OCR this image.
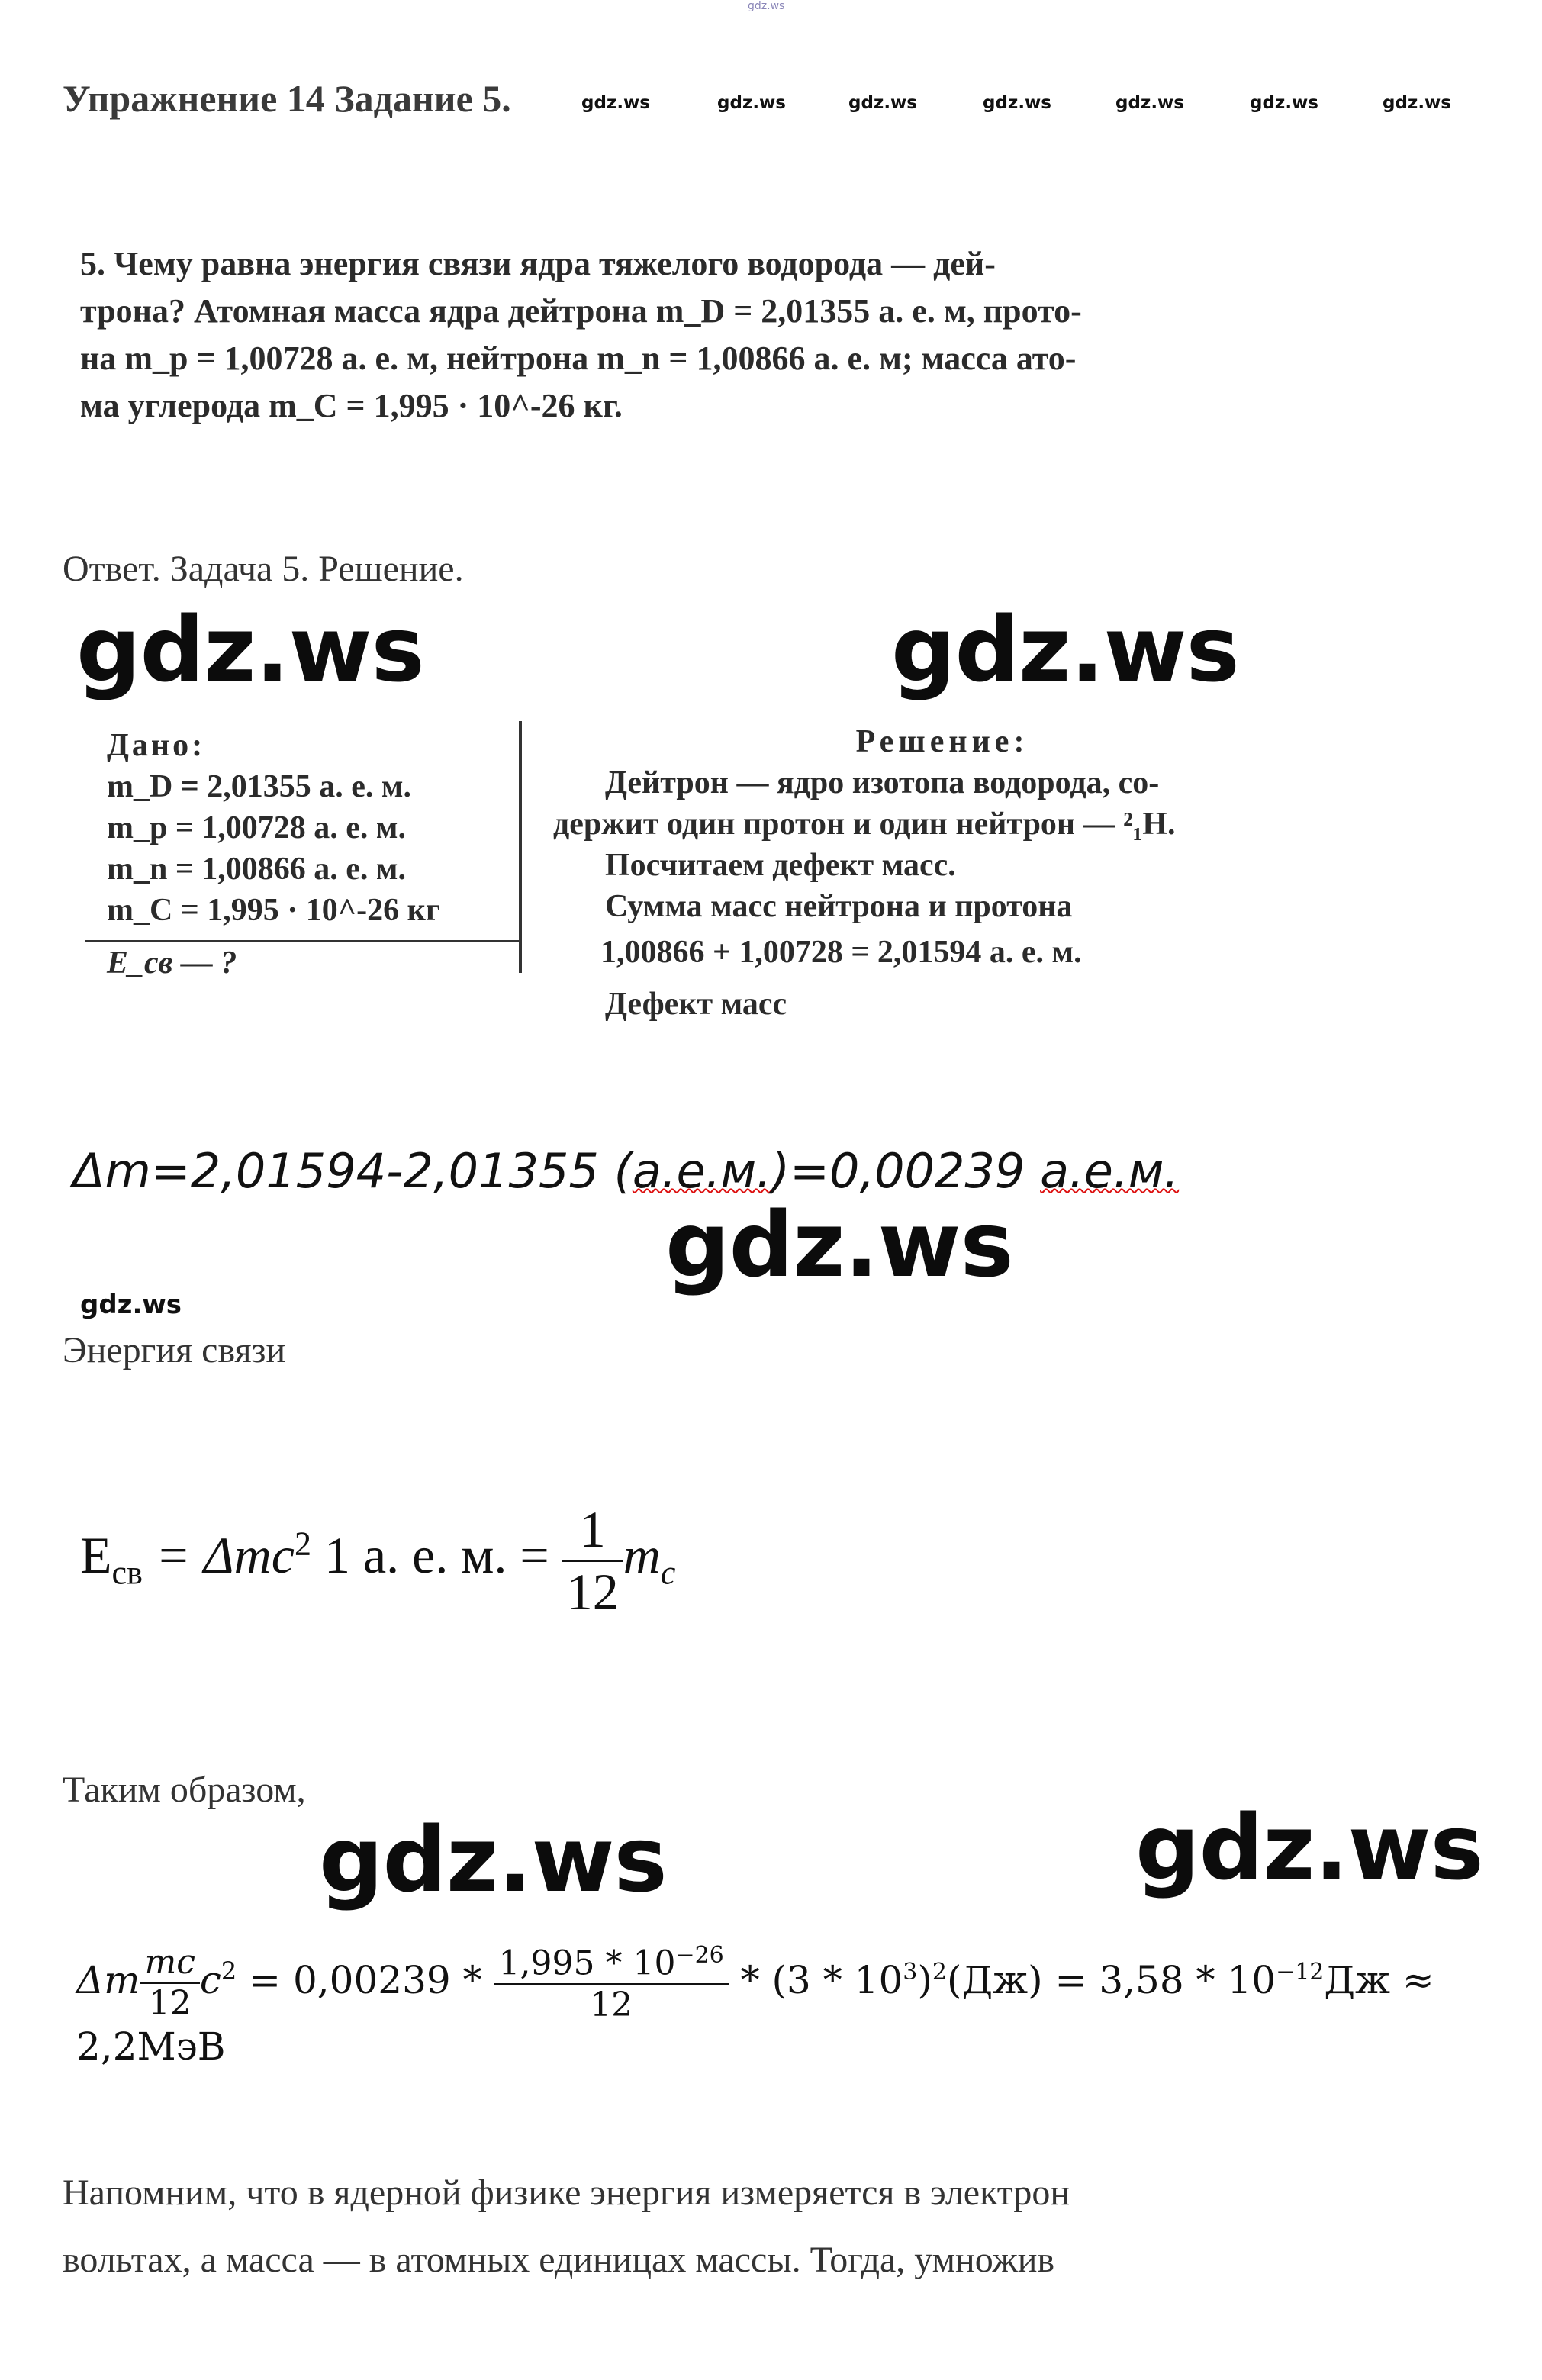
gdz.ws
Упражнение 14 Задание 5.	gdz.ws	gdz.ws	gdz.ws	gdz.ws	gdz.ws	gdz.ws	gdz.ws

5. Чему равна энергия связи ядра тяжелого водорода — дей-

трона? Атомная масса ядра дейтрона m_D = 2,01355 а. е. м, прото-

на m_p = 1,00728 а. е. м, нейтрона m_n = 1,00866 а. е. м; масса ато-

ма углерода m_C = 1,995 · 10^-26 кг.

Ответ. Задача 5. Решение.
gdz.ws	gdz.ws
Дано:
m_D = 2,01355 а. е. м.
m_p = 1,00728 а. е. м.
m_n = 1,00866 а. е. м.
m_C = 1,995 · 10^-26 кг
E_св — ?
Решение:
Дейтрон — ядро изотопа водорода, со-
держит один протон и один нейтрон — ²₁H.
Посчитаем дефект масс.
Сумма масс нейтрона и протона
1,00866 + 1,00728 = 2,01594 а. е. м.
Дефект масс
Δm=2,01594-2,01355 (а.е.м.)=0,00239 а.е.м.
gdz.ws
gdz.ws
Энергия связи
$E_{св} = \Delta mc^2$ 1 а. е. м. = $\frac{1}{12} m_c$
Таким образом,
gdz.ws	gdz.ws
Δm $\frac{mc}{12} c^2 = 0,00239 * \frac{1,995 * 10^{-26}}{12} * (3 * 10^3)^2(Дж) = 3,58 * 10^{-12}Дж \approx 2,2МэВ$
Напомним, что в ядерной физике энергия измеряется в электрон
вольтах, а масса — в атомных единицах массы. Тогда, умножив
